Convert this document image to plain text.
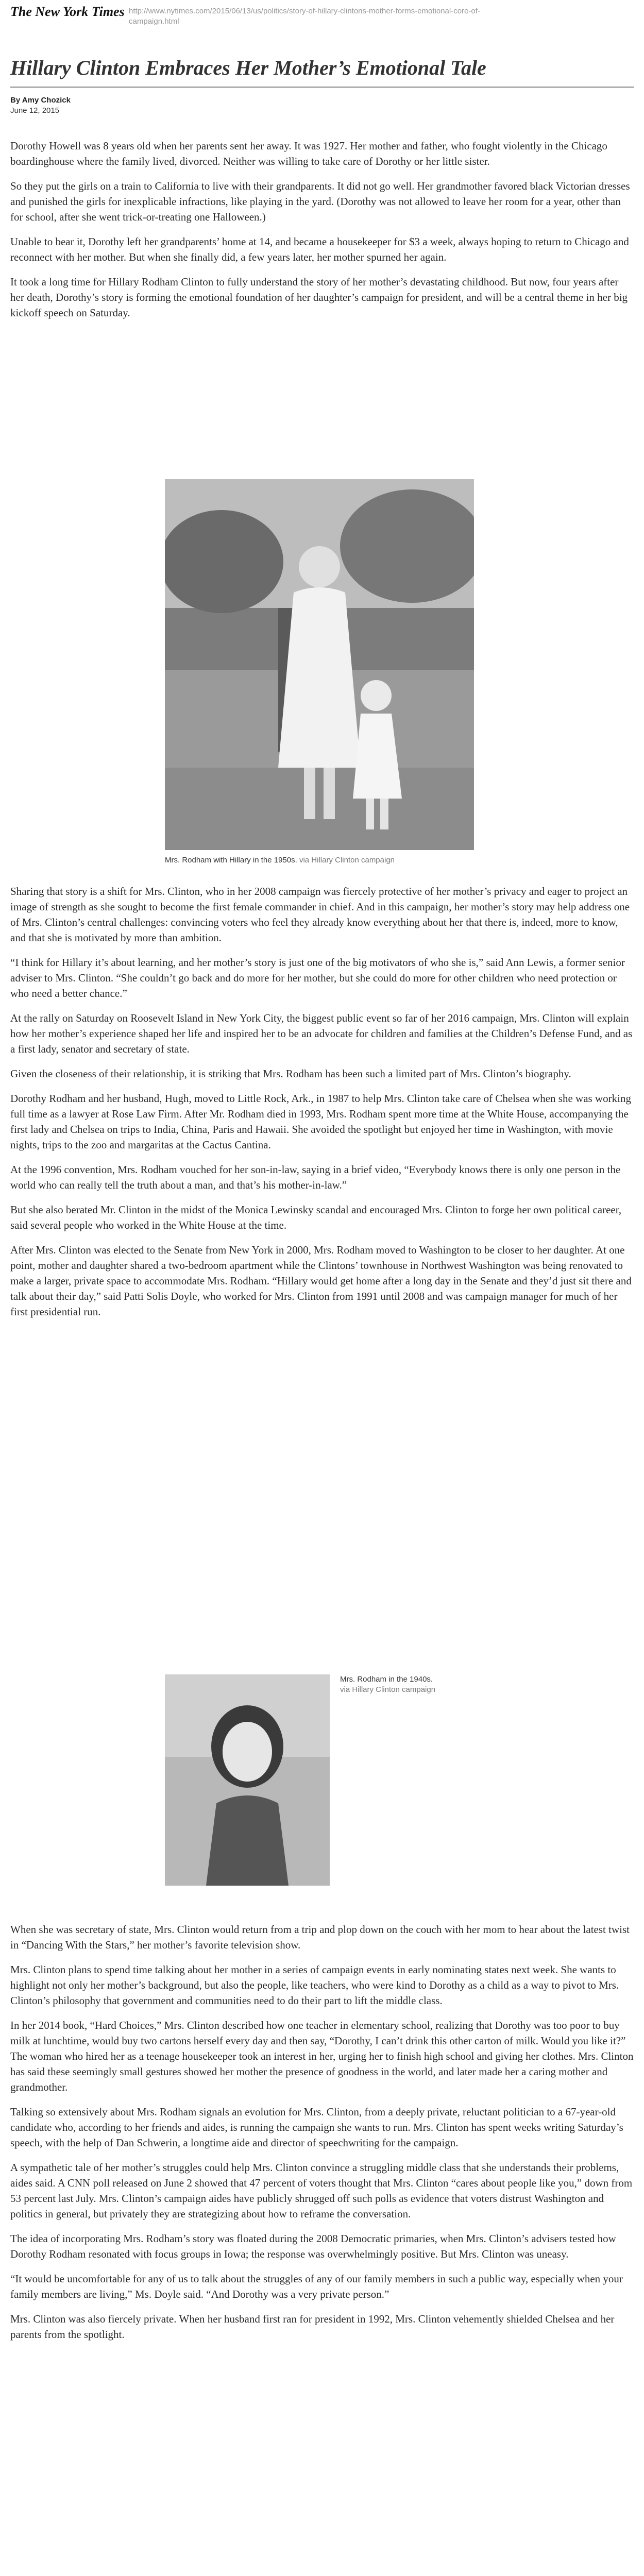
The New York Times http://www.nytimes.com/2015/06/13/us/politics/story-of-hillary-clintons-mother-forms-emotional-core-of-campaign.html
Hillary Clinton Embraces Her Mother’s Emotional Tale
By Amy Chozick
June 12, 2015

Dorothy Howell was 8 years old when her parents sent her away. It was 1927. Her mother and father, who fought violently in the Chicago boardinghouse where the family lived, divorced. Neither was willing to take care of Dorothy or her little sister.

So they put the girls on a train to California to live with their grandparents. It did not go well. Her grandmother favored black Victorian dresses and punished the girls for inexplicable infractions, like playing in the yard. (Dorothy was not allowed to leave her room for a year, other than for school, after she went trick-or-treating one Halloween.)

Unable to bear it, Dorothy left her grandparents’ home at 14, and became a housekeeper for $3 a week, always hoping to return to Chicago and reconnect with her mother. But when she finally did, a few years later, her mother spurned her again.

It took a long time for Hillary Rodham Clinton to fully understand the story of her mother’s devastating childhood. But now, four years after her death, Dorothy’s story is forming the emotional foundation of her daughter’s campaign for president, and will be a central theme in her big kickoff speech on Saturday.

Mrs. Rodham with Hillary in the 1950s. via Hillary Clinton campaign

Sharing that story is a shift for Mrs. Clinton, who in her 2008 campaign was fiercely protective of her mother’s privacy and eager to project an image of strength as she sought to become the first female commander in chief. And in this campaign, her mother’s story may help address one of Mrs. Clinton’s central challenges: convincing voters who feel they already know everything about her that there is, indeed, more to know, and that she is motivated by more than ambition.

“I think for Hillary it’s about learning, and her mother’s story is just one of the big motivators of who she is,” said Ann Lewis, a former senior adviser to Mrs. Clinton. “She couldn’t go back and do more for her mother, but she could do more for other children who need protection or who need a better chance.”

At the rally on Saturday on Roosevelt Island in New York City, the biggest public event so far of her 2016 campaign, Mrs. Clinton will explain how her mother’s experience shaped her life and inspired her to be an advocate for children and families at the Children’s Defense Fund, and as a first lady, senator and secretary of state.

Given the closeness of their relationship, it is striking that Mrs. Rodham has been such a limited part of Mrs. Clinton’s biography.

Dorothy Rodham and her husband, Hugh, moved to Little Rock, Ark., in 1987 to help Mrs. Clinton take care of Chelsea when she was working full time as a lawyer at Rose Law Firm. After Mr. Rodham died in 1993, Mrs. Rodham spent more time at the White House, accompanying the first lady and Chelsea on trips to India, China, Paris and Hawaii. She avoided the spotlight but enjoyed her time in Washington, with movie nights, trips to the zoo and margaritas at the Cactus Cantina.

At the 1996 convention, Mrs. Rodham vouched for her son-in-law, saying in a brief video, “Everybody knows there is only one person in the world who can really tell the truth about a man, and that’s his mother-in-law.”

But she also berated Mr. Clinton in the midst of the Monica Lewinsky scandal and encouraged Mrs. Clinton to forge her own political career, said several people who worked in the White House at the time.

After Mrs. Clinton was elected to the Senate from New York in 2000, Mrs. Rodham moved to Washington to be closer to her daughter. At one point, mother and daughter shared a two-bedroom apartment while the Clintons’ townhouse in Northwest Washington was being renovated to make a larger, private space to accommodate Mrs. Rodham. “Hillary would get home after a long day in the Senate and they’d just sit there and talk about their day,” said Patti Solis Doyle, who worked for Mrs. Clinton from 1991 until 2008 and was campaign manager for much of her first presidential run.

Mrs. Rodham in the 1940s.
via Hillary Clinton campaign

When she was secretary of state, Mrs. Clinton would return from a trip and plop down on the couch with her mom to hear about the latest twist in “Dancing With the Stars,” her mother’s favorite television show.

Mrs. Clinton plans to spend time talking about her mother in a series of campaign events in early nominating states next week. She wants to highlight not only her mother’s background, but also the people, like teachers, who were kind to Dorothy as a child as a way to pivot to Mrs. Clinton’s philosophy that government and communities need to do their part to lift the middle class.

In her 2014 book, “Hard Choices,” Mrs. Clinton described how one teacher in elementary school, realizing that Dorothy was too poor to buy milk at lunchtime, would buy two cartons herself every day and then say, “Dorothy, I can’t drink this other carton of milk. Would you like it?” The woman who hired her as a teenage housekeeper took an interest in her, urging her to finish high school and giving her clothes. Mrs. Clinton has said these seemingly small gestures showed her mother the presence of goodness in the world, and later made her a caring mother and grandmother.

Talking so extensively about Mrs. Rodham signals an evolution for Mrs. Clinton, from a deeply private, reluctant politician to a 67-year-old candidate who, according to her friends and aides, is running the campaign she wants to run. Mrs. Clinton has spent weeks writing Saturday’s speech, with the help of Dan Schwerin, a longtime aide and director of speechwriting for the campaign.

A sympathetic tale of her mother’s struggles could help Mrs. Clinton convince a struggling middle class that she understands their problems, aides said. A CNN poll released on June 2 showed that 47 percent of voters thought that Mrs. Clinton “cares about people like you,” down from 53 percent last July. Mrs. Clinton’s campaign aides have publicly shrugged off such polls as evidence that voters distrust Washington and politics in general, but privately they are strategizing about how to reframe the conversation.

The idea of incorporating Mrs. Rodham’s story was floated during the 2008 Democratic primaries, when Mrs. Clinton’s advisers tested how Dorothy Rodham resonated with focus groups in Iowa; the response was overwhelmingly positive. But Mrs. Clinton was uneasy.

“It would be uncomfortable for any of us to talk about the struggles of any of our family members in such a public way, especially when your family members are living,” Ms. Doyle said. “And Dorothy was a very private person.”

Mrs. Clinton was also fiercely private. When her husband first ran for president in 1992, Mrs. Clinton vehemently shielded Chelsea and her parents from the spotlight.
